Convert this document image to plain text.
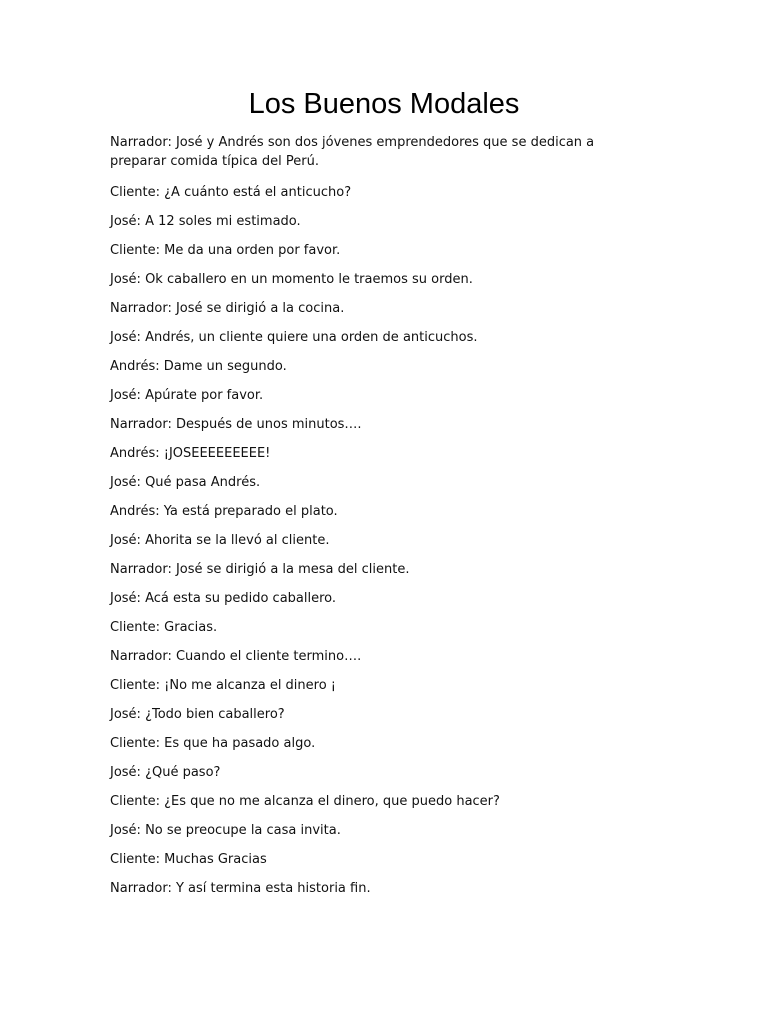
Los Buenos Modales

Narrador: José y Andrés son dos jóvenes emprendedores que se dedican a preparar comida típica del Perú.

Cliente: ¿A cuánto está el anticucho?

José: A 12 soles mi estimado.

Cliente: Me da una orden por favor.

José: Ok caballero en un momento le traemos su orden.

Narrador: José se dirigió a la cocina.

José: Andrés, un cliente quiere una orden de anticuchos.

Andrés: Dame un segundo.

José: Apúrate por favor.

Narrador: Después de unos minutos….

Andrés: ¡JOSEEEEEEEEE!

José: Qué pasa Andrés.

Andrés: Ya está preparado el plato.

José: Ahorita se la llevó al cliente.

Narrador: José se dirigió a la mesa del cliente.

José: Acá esta su pedido caballero.

Cliente: Gracias.

Narrador: Cuando el cliente termino….

Cliente: ¡No me alcanza el dinero ¡

José: ¿Todo bien caballero?

Cliente: Es que ha pasado algo.

José: ¿Qué paso?

Cliente: ¿Es que no me alcanza el dinero, que puedo hacer?

José: No se preocupe la casa invita.

Cliente: Muchas Gracias

Narrador: Y así termina esta historia fin.
